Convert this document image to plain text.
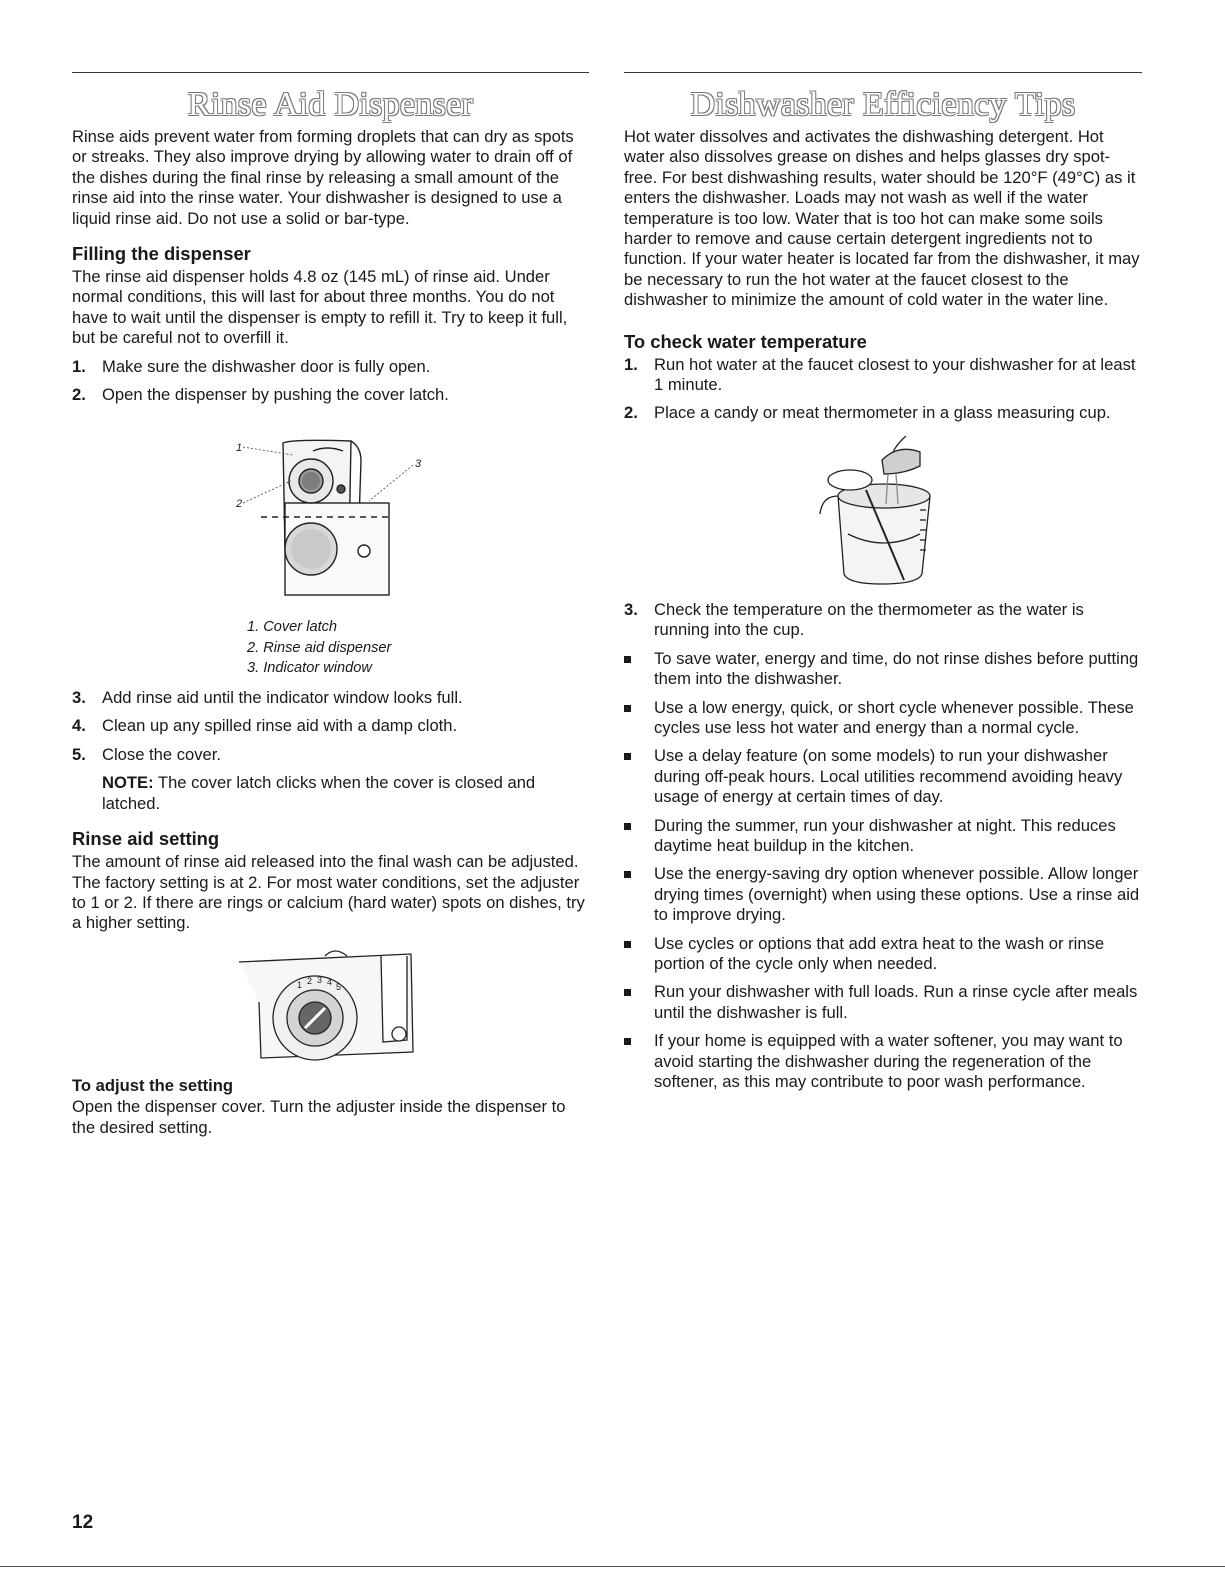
Rinse Aid Dispenser

Rinse aids prevent water from forming droplets that can dry as spots or streaks. They also improve drying by allowing water to drain off of the dishes during the final rinse by releasing a small amount of the rinse aid into the rinse water. Your dishwasher is designed to use a liquid rinse aid. Do not use a solid or bar-type.

Filling the dispenser

The rinse aid dispenser holds 4.8 oz (145 mL) of rinse aid. Under normal conditions, this will last for about three months. You do not have to wait until the dispenser is empty to refill it. Try to keep it full, but be careful not to overfill it.

1. Make sure the dishwasher door is fully open.
2. Open the dispenser by pushing the cover latch.
1
2
3
1. Cover latch
2. Rinse aid dispenser
3. Indicator window
3. Add rinse aid until the indicator window looks full.
4. Clean up any spilled rinse aid with a damp cloth.
5. Close the cover.

NOTE: The cover latch clicks when the cover is closed and latched.

Rinse aid setting

The amount of rinse aid released into the final wash can be adjusted. The factory setting is at 2. For most water conditions, set the adjuster to 1 or 2. If there are rings or calcium (hard water) spots on dishes, try a higher setting.

1 2 3 4 5
To adjust the setting

Open the dispenser cover. Turn the adjuster inside the dispenser to the desired setting.

Dishwasher Efficiency Tips

Hot water dissolves and activates the dishwashing detergent. Hot water also dissolves grease on dishes and helps glasses dry spot-free. For best dishwashing results, water should be 120°F (49°C) as it enters the dishwasher. Loads may not wash as well if the water temperature is too low. Water that is too hot can make some soils harder to remove and cause certain detergent ingredients not to function. If your water heater is located far from the dishwasher, it may be necessary to run the hot water at the faucet closest to the dishwasher to minimize the amount of cold water in the water line.

To check water temperature
1. Run hot water at the faucet closest to your dishwasher for at least 1 minute.
2. Place a candy or meat thermometer in a glass measuring cup.
3. Check the temperature on the thermometer as the water is running into the cup.
To save water, energy and time, do not rinse dishes before putting them into the dishwasher.
Use a low energy, quick, or short cycle whenever possible. These cycles use less hot water and energy than a normal cycle.
Use a delay feature (on some models) to run your dishwasher during off-peak hours. Local utilities recommend avoiding heavy usage of energy at certain times of day.
During the summer, run your dishwasher at night. This reduces daytime heat buildup in the kitchen.
Use the energy-saving dry option whenever possible. Allow longer drying times (overnight) when using these options. Use a rinse aid to improve drying.
Use cycles or options that add extra heat to the wash or rinse portion of the cycle only when needed.
Run your dishwasher with full loads. Run a rinse cycle after meals until the dishwasher is full.
If your home is equipped with a water softener, you may want to avoid starting the dishwasher during the regeneration of the softener, as this may contribute to poor wash performance.
12
